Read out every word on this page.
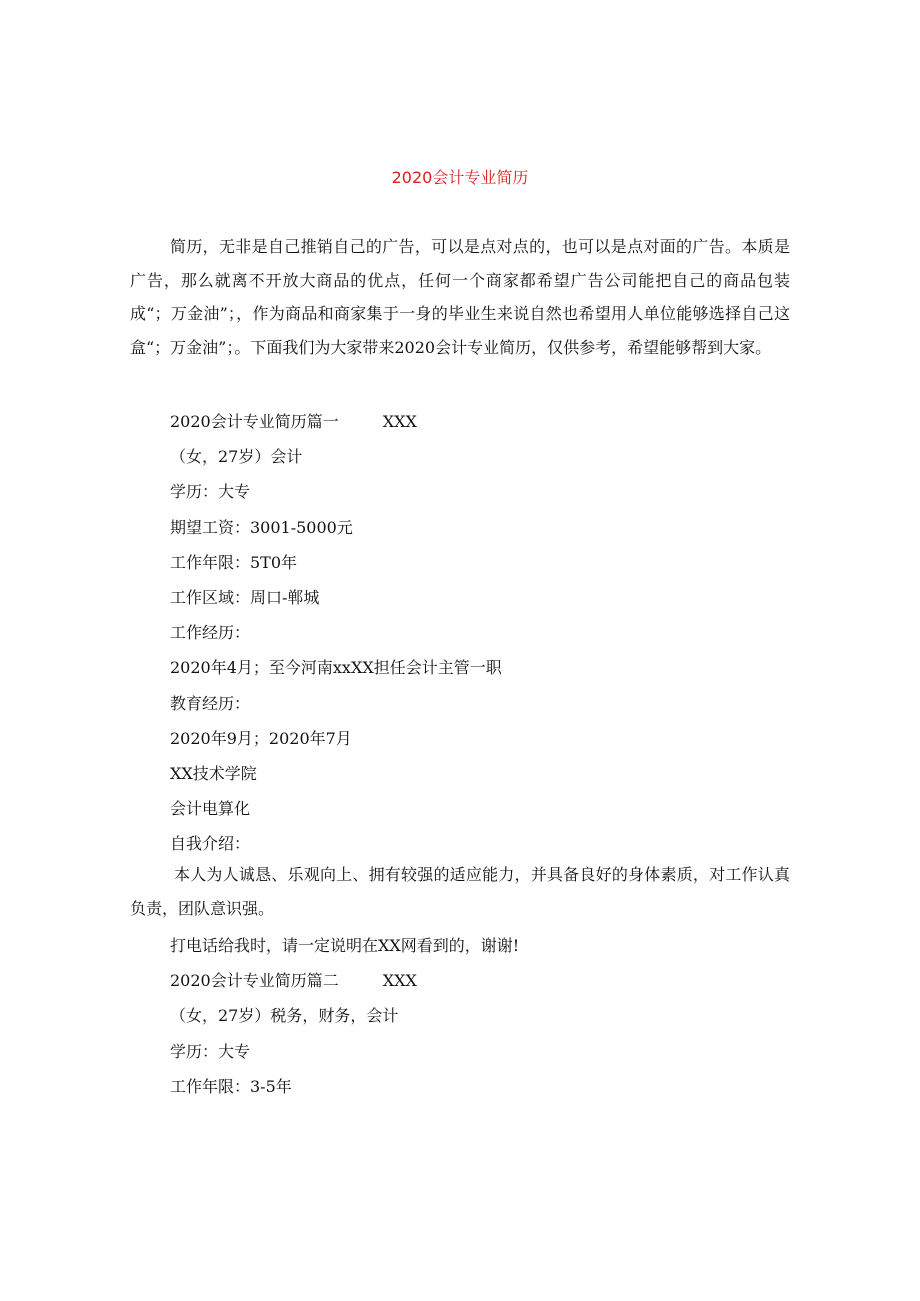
2020会计专业简历

简历，无非是自己推销自己的广告，可以是点对点的，也可以是点对面的广告。本质是广告，那么就离不开放大商品的优点，任何一个商家都希望广告公司能把自己的商品包装成“；万金油”；，作为商品和商家集于一身的毕业生来说自然也希望用人单位能够选择自己这盒“；万金油”；。下面我们为大家带来2020会计专业简历，仅供参考，希望能够帮到大家。

2020会计专业简历篇一	XXX
（女，27岁）会计
学历：大专
期望工资：3001-5000元
工作年限：5T0年
工作区域：周口-郸城
工作经历：
2020年4月；至今河南xxXX担任会计主管一职
教育经历：
2020年9月；2020年7月
XX技术学院
会计电算化
自我介绍：

本人为人诚恳、乐观向上、拥有较强的适应能力，并具备良好的身体素质，对工作认真负责，团队意识强。

打电话给我时，请一定说明在XX网看到的，谢谢!
2020会计专业简历篇二	XXX
（女，27岁）税务，财务，会计
学历：大专
工作年限：3-5年
